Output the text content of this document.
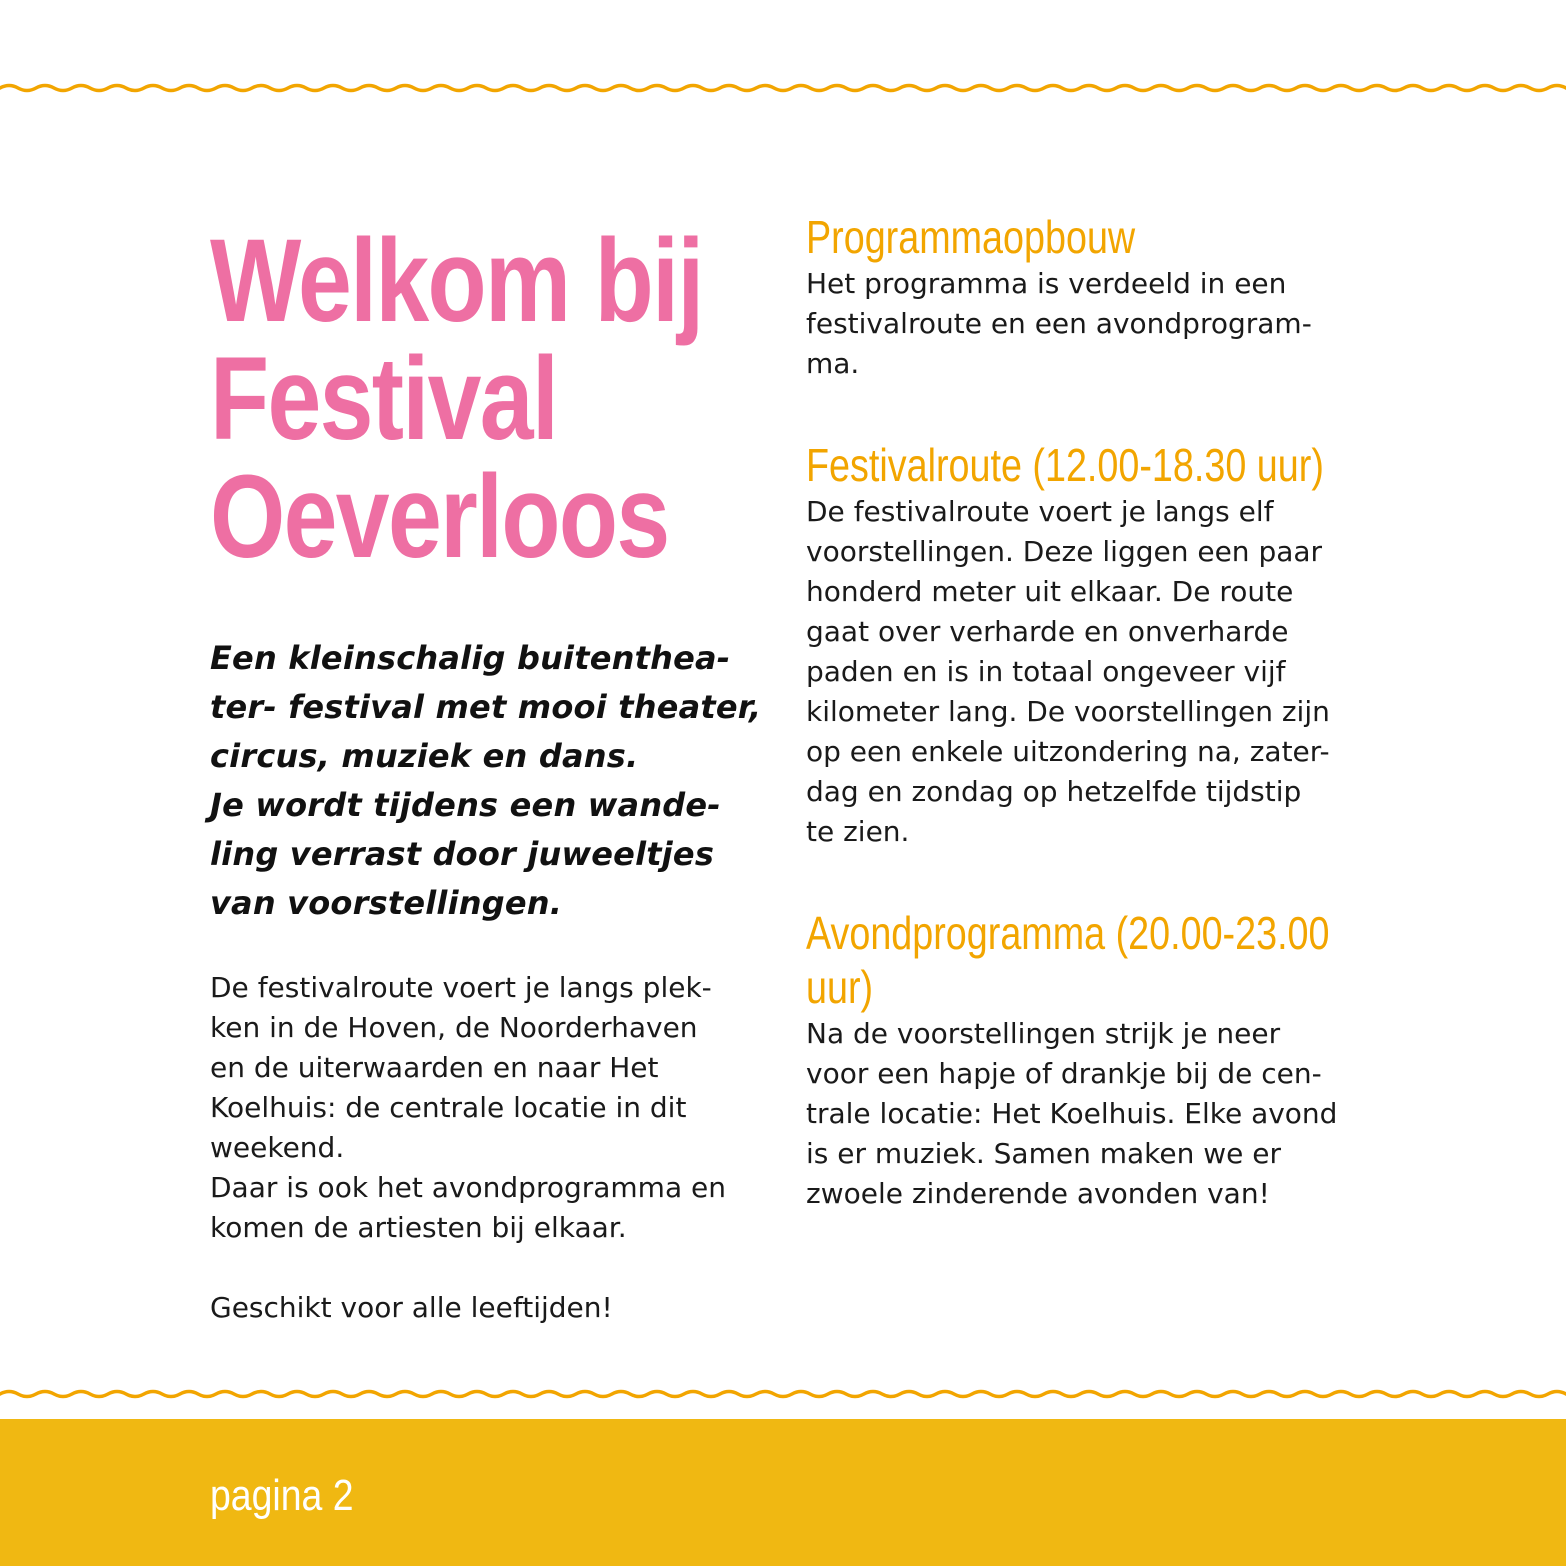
Welkom bij
Festival
Oeverloos
Een kleinschalig buitenthea-
ter- festival met mooi theater,
circus, muziek en dans.
Je wordt tijdens een wande-
ling verrast door juweeltjes
van voorstellingen.
De festivalroute voert je langs plek-
ken in de Hoven, de Noorderhaven
en de uiterwaarden en naar Het
Koelhuis: de centrale locatie in dit
weekend.
Daar is ook het avondprogramma en
komen de artiesten bij elkaar.
Geschikt voor alle leeftijden!
Programmaopbouw
Het programma is verdeeld in een
festivalroute en een avondprogram-
ma.
Festivalroute (12.00-18.30 uur)
De festivalroute voert je langs elf
voorstellingen. Deze liggen een paar
honderd meter uit elkaar. De route
gaat over verharde en onverharde
paden en is in totaal ongeveer vijf
kilometer lang. De voorstellingen zijn
op een enkele uitzondering na, zater-
dag en zondag op hetzelfde tijdstip
te zien.
Avondprogramma (20.00-23.00
uur)
Na de voorstellingen strijk je neer
voor een hapje of drankje bij de cen-
trale locatie: Het Koelhuis. Elke avond
is er muziek. Samen maken we er
zwoele zinderende avonden van!
pagina 2
